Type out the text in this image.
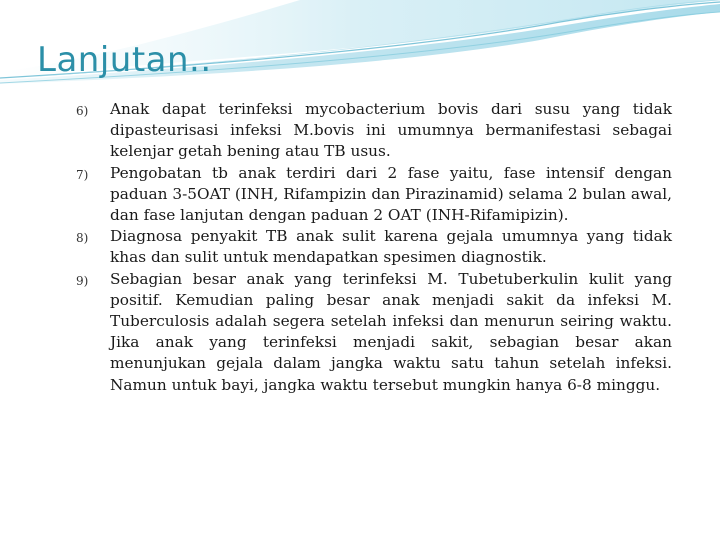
Lanjutan..
6) Anak dapat terinfeksi mycobacterium bovis dari susu yang tidak dipasteurisasi infeksi M.bovis ini umumnya bermanifestasi sebagai kelenjar getah bening atau TB usus.
7) Pengobatan tb anak terdiri dari 2 fase yaitu, fase intensif dengan paduan 3-5OAT (INH, Rifampizin dan Pirazinamid) selama 2 bulan awal, dan fase lanjutan dengan paduan 2 OAT (INH-Rifamipizin).
8) Diagnosa penyakit TB anak sulit karena gejala umumnya yang tidak khas dan sulit untuk mendapatkan spesimen diagnostik.
9) Sebagian besar anak yang terinfeksi M. Tubetuberkulin kulit yang positif. Kemudian paling besar anak menjadi sakit da infeksi M. Tuberculosis adalah segera setelah infeksi dan menurun seiring waktu. Jika anak yang terinfeksi menjadi sakit, sebagian besar akan menunjukan gejala dalam jangka waktu satu tahun setelah infeksi. Namun untuk bayi, jangka waktu tersebut mungkin hanya 6-8 minggu.
